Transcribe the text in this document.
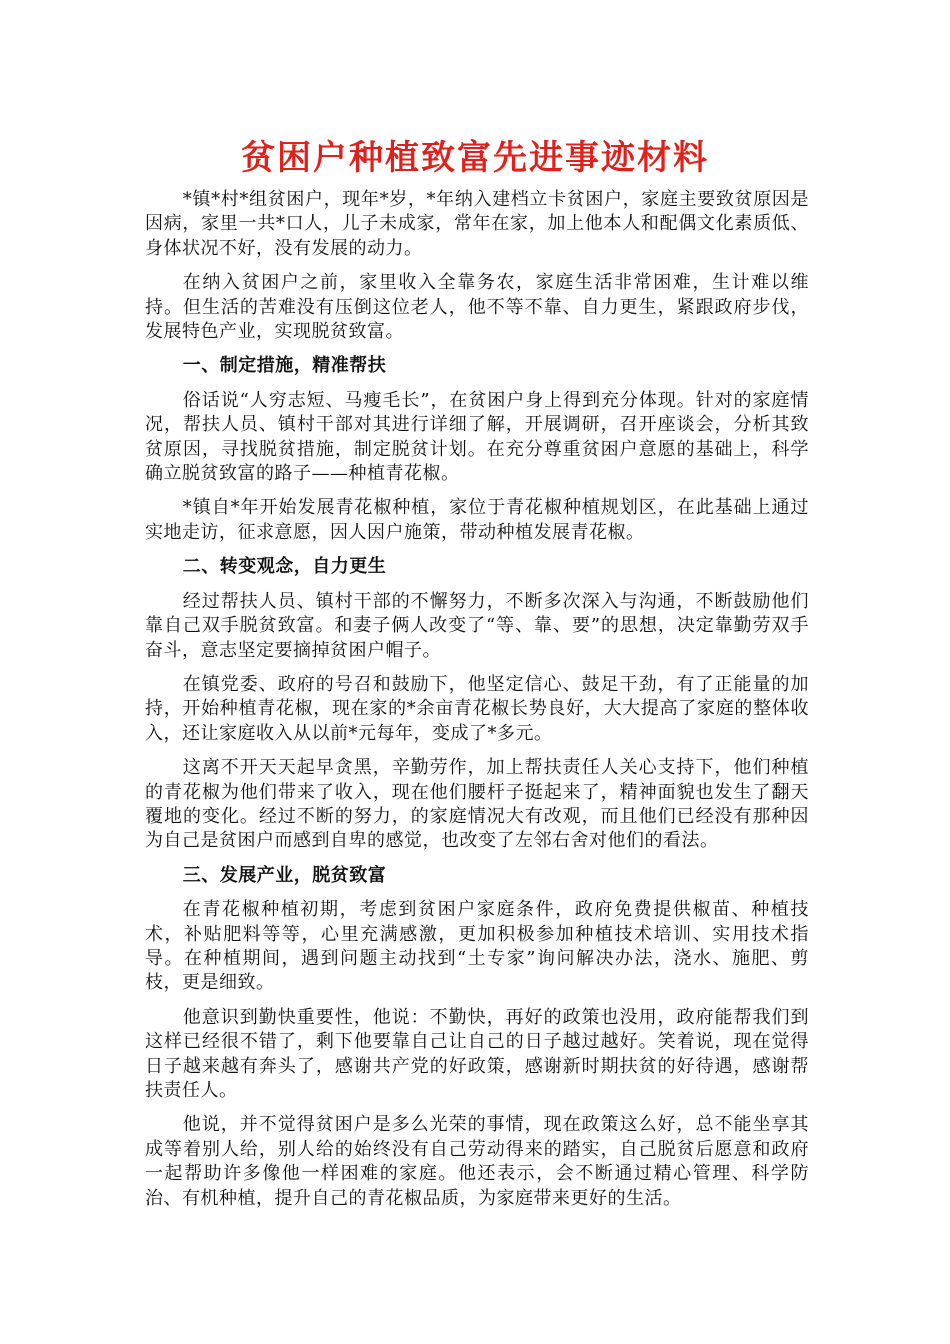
贫困户种植致富先进事迹材料

*镇*村*组贫困户，现年*岁，*年纳入建档立卡贫困户，家庭主要致贫原因是因病，家里一共*口人，儿子未成家，常年在家，加上他本人和配偶文化素质低、身体状况不好，没有发展的动力。

在纳入贫困户之前，家里收入全靠务农，家庭生活非常困难，生计难以维持。但生活的苦难没有压倒这位老人，他不等不靠、自力更生，紧跟政府步伐，发展特色产业，实现脱贫致富。

一、制定措施，精准帮扶

俗话说“人穷志短、马瘦毛长”，在贫困户身上得到充分体现。针对的家庭情况，帮扶人员、镇村干部对其进行详细了解，开展调研，召开座谈会，分析其致贫原因，寻找脱贫措施，制定脱贫计划。在充分尊重贫困户意愿的基础上，科学确立脱贫致富的路子——种植青花椒。

*镇自*年开始发展青花椒种植，家位于青花椒种植规划区，在此基础上通过实地走访，征求意愿，因人因户施策，带动种植发展青花椒。

二、转变观念，自力更生

经过帮扶人员、镇村干部的不懈努力，不断多次深入与沟通，不断鼓励他们靠自己双手脱贫致富。和妻子俩人改变了“等、靠、要”的思想，决定靠勤劳双手奋斗，意志坚定要摘掉贫困户帽子。

在镇党委、政府的号召和鼓励下，他坚定信心、鼓足干劲，有了正能量的加持，开始种植青花椒，现在家的*余亩青花椒长势良好，大大提高了家庭的整体收入，还让家庭收入从以前*元每年，变成了*多元。

这离不开天天起早贪黑，辛勤劳作，加上帮扶责任人关心支持下，他们种植的青花椒为他们带来了收入，现在他们腰杆子挺起来了，精神面貌也发生了翻天覆地的变化。经过不断的努力，的家庭情况大有改观，而且他们已经没有那种因为自己是贫困户而感到自卑的感觉，也改变了左邻右舍对他们的看法。

三、发展产业，脱贫致富

在青花椒种植初期，考虑到贫困户家庭条件，政府免费提供椒苗、种植技术，补贴肥料等等，心里充满感激，更加积极参加种植技术培训、实用技术指导。在种植期间，遇到问题主动找到“土专家”询问解决办法，浇水、施肥、剪枝，更是细致。

他意识到勤快重要性，他说：不勤快，再好的政策也没用，政府能帮我们到这样已经很不错了，剩下他要靠自己让自己的日子越过越好。笑着说，现在觉得日子越来越有奔头了，感谢共产党的好政策，感谢新时期扶贫的好待遇，感谢帮扶责任人。

他说，并不觉得贫困户是多么光荣的事情，现在政策这么好，总不能坐享其成等着别人给，别人给的始终没有自己劳动得来的踏实，自己脱贫后愿意和政府一起帮助许多像他一样困难的家庭。他还表示，会不断通过精心管理、科学防治、有机种植，提升自己的青花椒品质，为家庭带来更好的生活。
